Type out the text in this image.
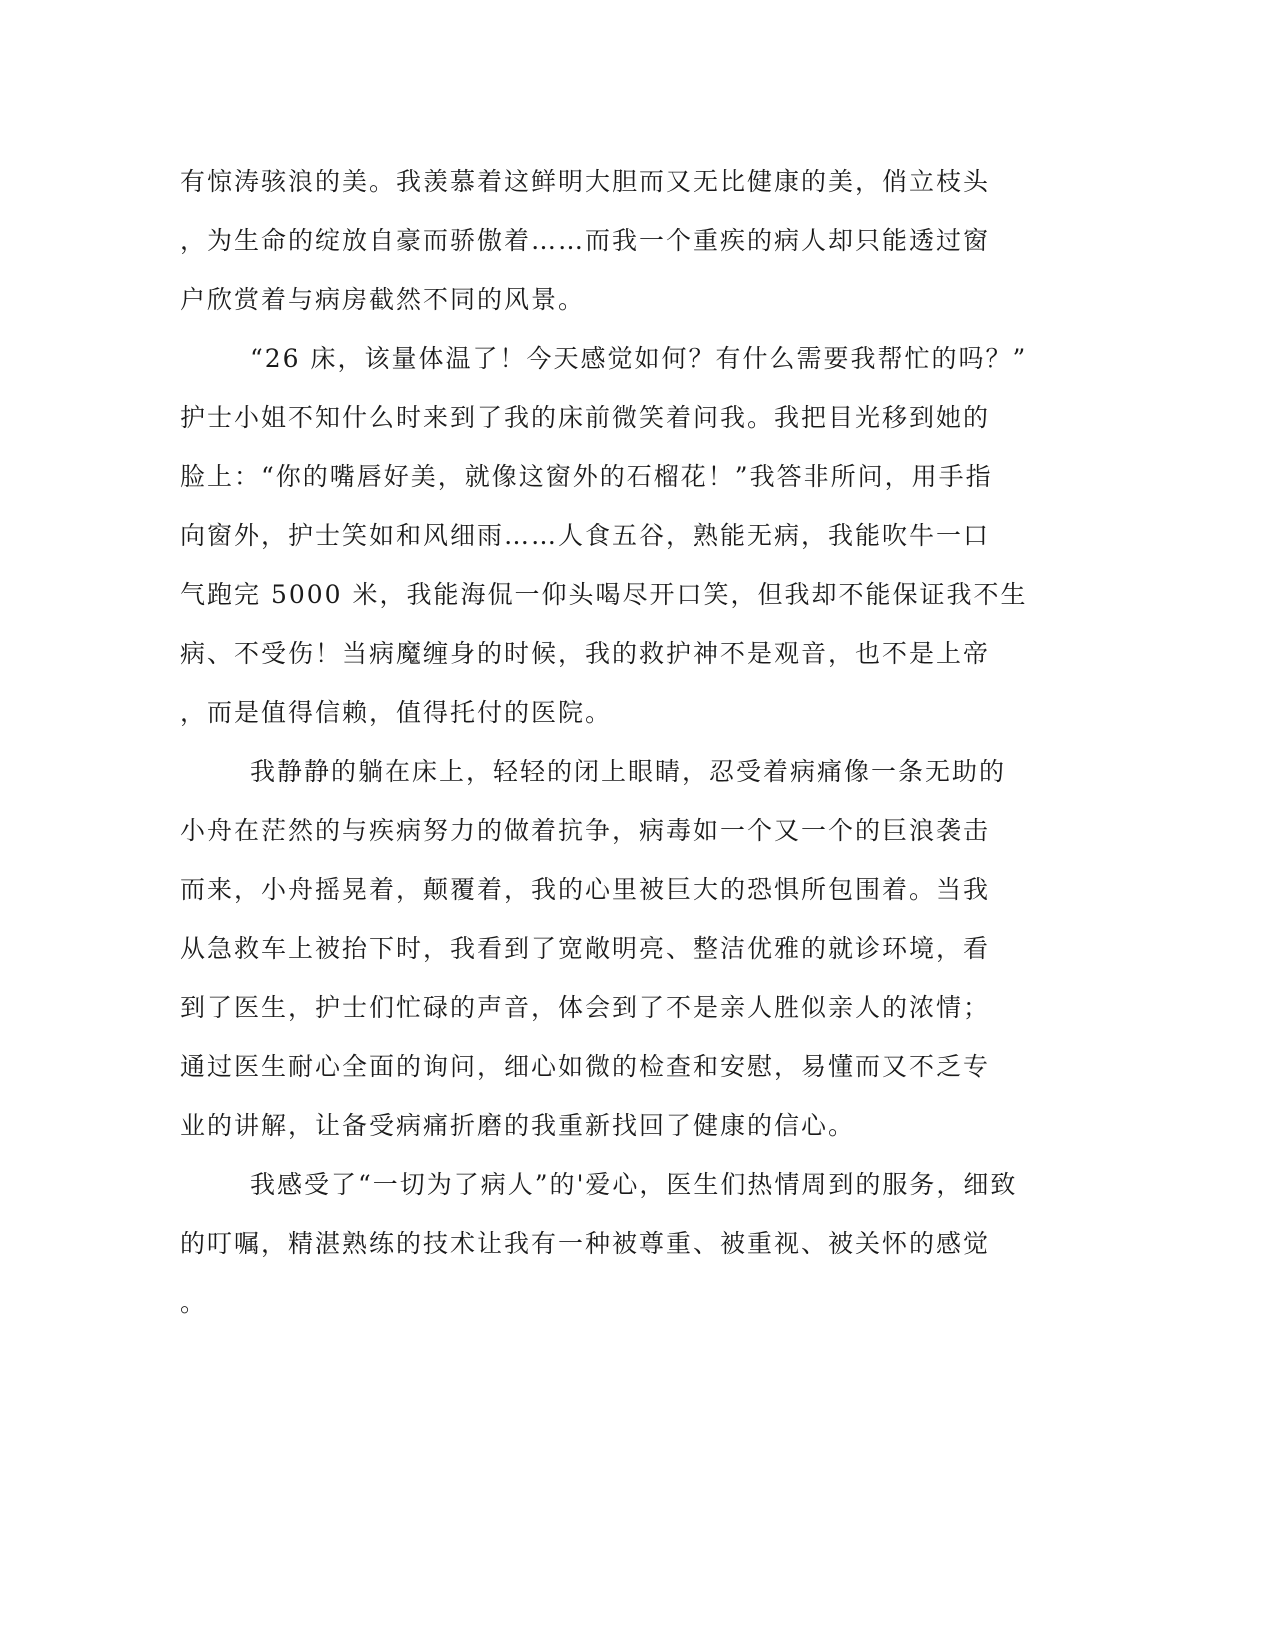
有惊涛骇浪的美。我羡慕着这鲜明大胆而又无比健康的美，俏立枝头
，为生命的绽放自豪而骄傲着……而我一个重疾的病人却只能透过窗
户欣赏着与病房截然不同的风景。
“26 床，该量体温了！今天感觉如何？有什么需要我帮忙的吗？”
护士小姐不知什么时来到了我的床前微笑着问我。我把目光移到她的
脸上：“你的嘴唇好美，就像这窗外的石榴花！”我答非所问，用手指
向窗外，护士笑如和风细雨……人食五谷，熟能无病，我能吹牛一口
气跑完 5000 米，我能海侃一仰头喝尽开口笑，但我却不能保证我不生
病、不受伤！当病魔缠身的时候，我的救护神不是观音，也不是上帝
，而是值得信赖，值得托付的医院。
我静静的躺在床上，轻轻的闭上眼睛，忍受着病痛像一条无助的
小舟在茫然的与疾病努力的做着抗争，病毒如一个又一个的巨浪袭击
而来，小舟摇晃着，颠覆着，我的心里被巨大的恐惧所包围着。当我
从急救车上被抬下时，我看到了宽敞明亮、整洁优雅的就诊环境，看
到了医生，护士们忙碌的声音，体会到了不是亲人胜似亲人的浓情；
通过医生耐心全面的询问，细心如微的检查和安慰，易懂而又不乏专
业的讲解，让备受病痛折磨的我重新找回了健康的信心。
我感受了“一切为了病人”的'爱心，医生们热情周到的服务，细致
的叮嘱，精湛熟练的技术让我有一种被尊重、被重视、被关怀的感觉
。
